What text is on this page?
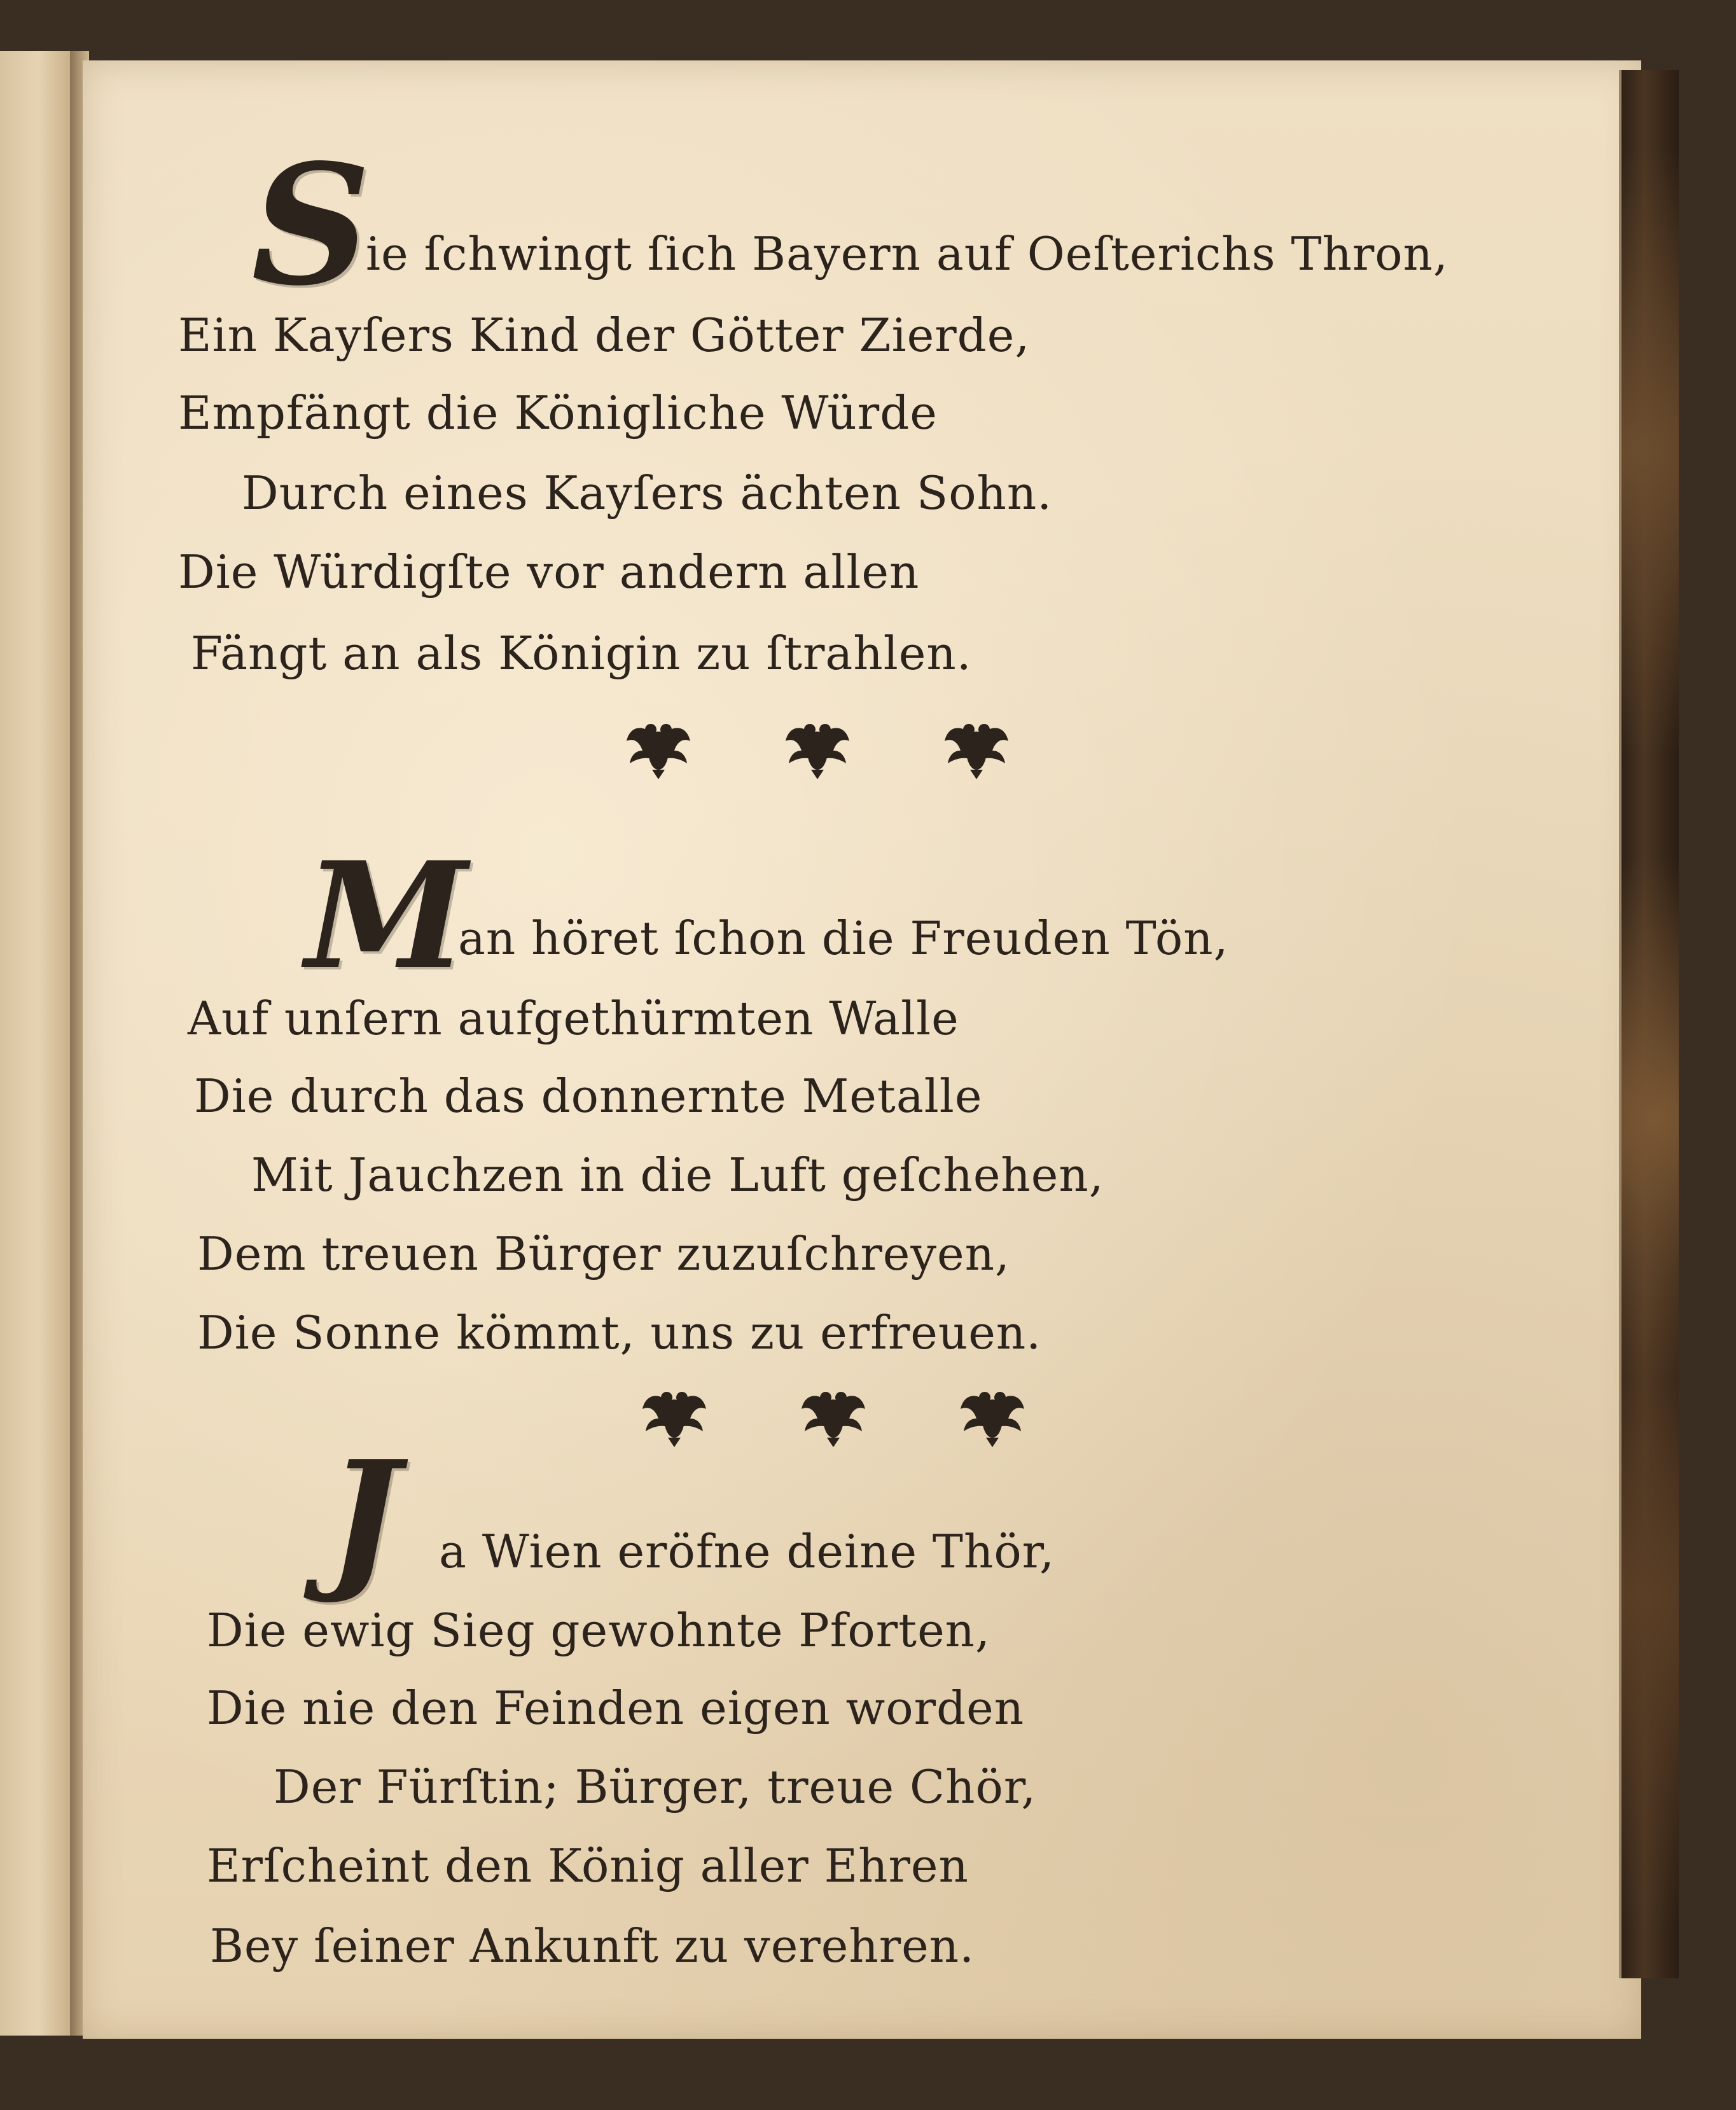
S
ie ſchwingt ſich Bayern auf Oeſterichs Thron,
Ein Kayſers Kind der Götter Zierde,
Empfängt die Königliche Würde
Durch eines Kayſers ächten Sohn.
Die Würdigſte vor andern allen
Fängt an als Königin zu ſtrahlen.
M
an höret ſchon die Freuden Tön,
Auf unſern aufgethürmten Walle
Die durch das donnernte Metalle
Mit Jauchzen in die Luft geſchehen,
Dem treuen Bürger zuzuſchreyen,
Die Sonne kömmt, uns zu erfreuen.
J a Wien eröfne deine Thör,
Die ewig Sieg gewohnte Pforten,
Die nie den Feinden eigen worden
Der Fürſtin; Bürger, treue Chör,
Erſcheint den König aller Ehren
Bey ſeiner Ankunft zu verehren.
